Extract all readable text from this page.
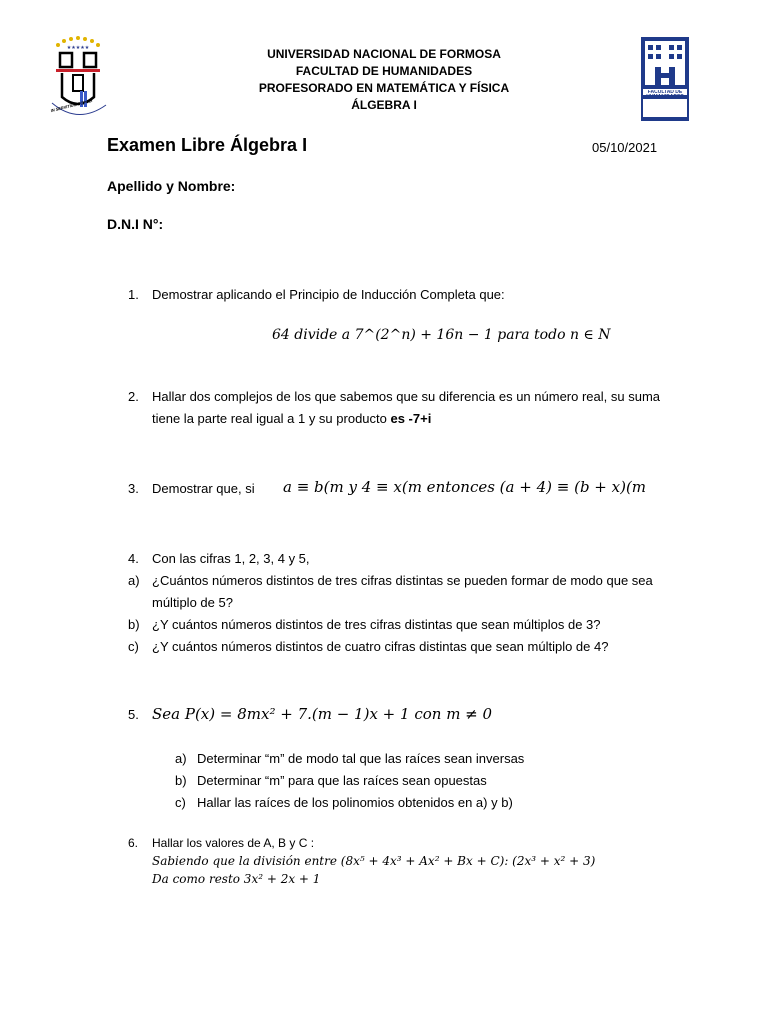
★★★★★
IN SERVITIUM POPULI
UNIVERSIDAD NACIONAL DE FORMOSA
FACULTAD DE HUMANIDADES
PROFESORADO EN MATEMÁTICA Y FÍSICA
ÁLGEBRA I
FACULTAD DE HUMANIDADES
Examen Libre Álgebra I	05/10/2021
Apellido y Nombre:
D.N.I N°:
1. Demostrar aplicando el Principio de Inducción Completa que:
64 divide a 7^(2^n) + 16n − 1 para todo n ∈ N
2. Hallar dos complejos de los que sabemos que su diferencia es un número real, su suma
tiene la parte real igual a 1 y su producto es -7+i
3. Demostrar que, si	a ≡ b(m y 4 ≡ x(m entonces (a + 4) ≡ (b + x)(m
4. Con las cifras 1, 2, 3, 4 y 5,
a) ¿Cuántos números distintos de tres cifras distintas se pueden formar de modo que sea
múltiplo de 5?
b) ¿Y cuántos números distintos de tres cifras distintas que sean múltiplos de 3?
c) ¿Y cuántos números distintos de cuatro cifras distintas que sean múltiplo de 4?
5. Sea P(x) = 8mx² + 7.(m − 1)x + 1 con m ≠ 0
a) Determinar “m” de modo tal que las raíces sean inversas
b) Determinar “m” para que las raíces sean opuestas
c) Hallar las raíces de los polinomios obtenidos en a) y b)
6. Hallar los valores de A, B y C :
Sabiendo que la división entre (8x⁵ + 4x³ + Ax² + Bx + C): (2x³ + x² + 3)
Da como resto 3x² + 2x + 1
